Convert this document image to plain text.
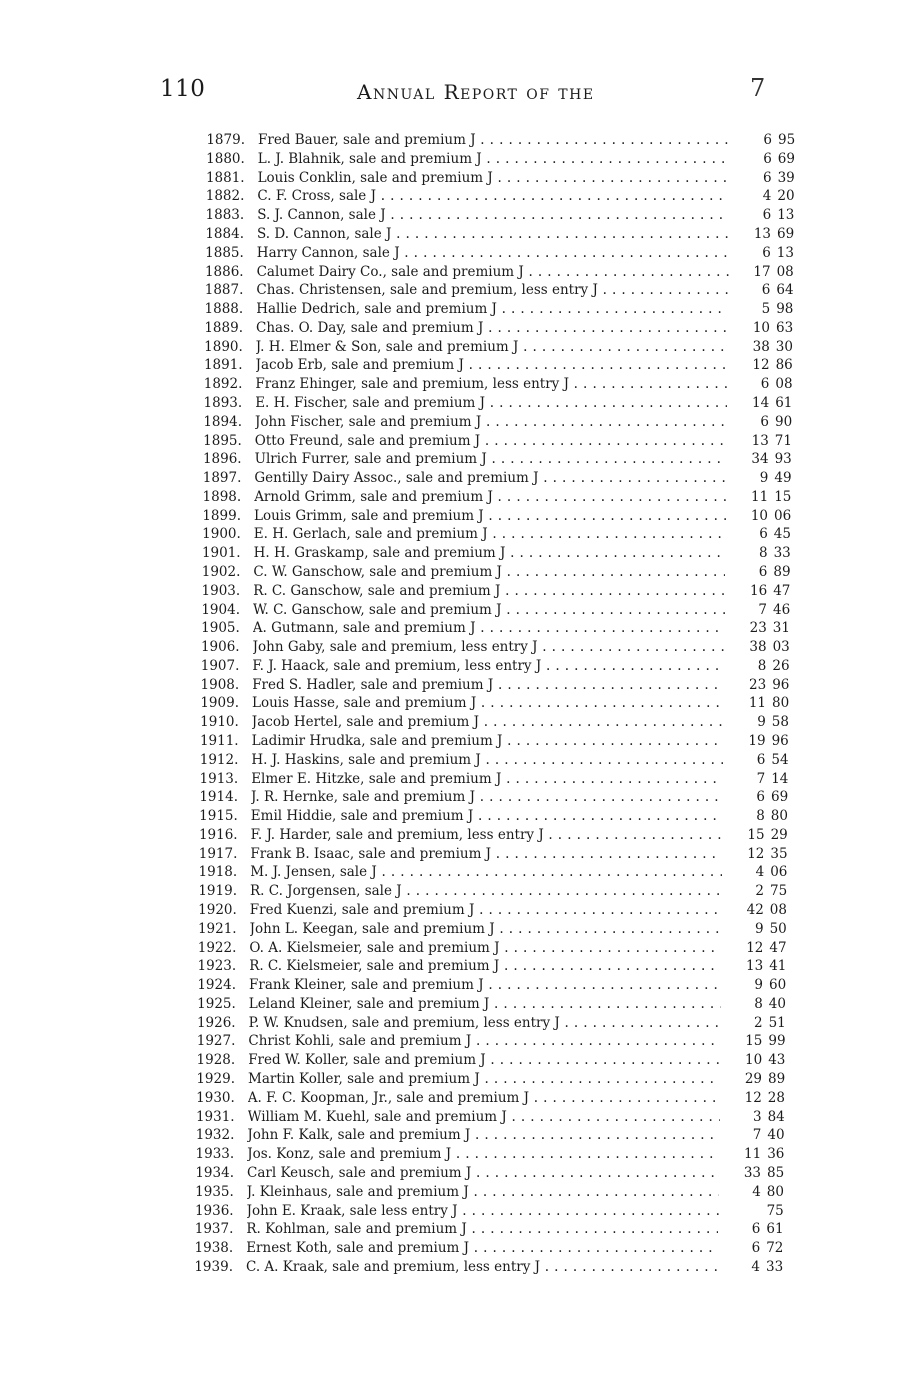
110	Annual Report of the	7
1879. Fred Bauer, sale and premium J . . .	6 95
1880. L. J. Blahnik, sale and premium J . . .	6 69
1881. Louis Conklin, sale and premium J . . .	6 39
1882. C. F. Cross, sale J . . .	4 20
1883. S. J. Cannon, sale J . . .	6 13
1884. S. D. Cannon, sale J . . .	13 69
1885. Harry Cannon, sale J . . .	6 13
1886. Calumet Dairy Co., sale and premium J . . .	17 08
1887. Chas. Christensen, sale and premium, less entry J . . .	6 64
1888. Hallie Dedrich, sale and premium J . . .	5 98
1889. Chas. O. Day, sale and premium J . . .	10 63
1890. J. H. Elmer & Son, sale and premium J . . .	38 30
1891. Jacob Erb, sale and premium J . . .	12 86
1892. Franz Ehinger, sale and premium, less entry J . . .	6 08
1893. E. H. Fischer, sale and premium J . . .	14 61
1894. John Fischer, sale and premium J . . .	6 90
1895. Otto Freund, sale and premium J . . .	13 71
1896. Ulrich Furrer, sale and premium J . . .	34 93
1897. Gentilly Dairy Assoc., sale and premium J . . .	9 49
1898. Arnold Grimm, sale and premium J . . .	11 15
1899. Louis Grimm, sale and premium J . . .	10 06
1900. E. H. Gerlach, sale and premium J . . .	6 45
1901. H. H. Graskamp, sale and premium J . . .	8 33
1902. C. W. Ganschow, sale and premium J . . .	6 89
1903. R. C. Ganschow, sale and premium J . . .	16 47
1904. W. C. Ganschow, sale and premium J . . .	7 46
1905. A. Gutmann, sale and premium J . . .	23 31
1906. John Gaby, sale and premium, less entry J . . .	38 03
1907. F. J. Haack, sale and premium, less entry J . . .	8 26
1908. Fred S. Hadler, sale and premium J . . .	23 96
1909. Louis Hasse, sale and premium J . . .	11 80
1910. Jacob Hertel, sale and premium J . . .	9 58
1911. Ladimir Hrudka, sale and premium J . . .	19 96
1912. H. J. Haskins, sale and premium J . . .	6 54
1913. Elmer E. Hitzke, sale and premium J . . .	7 14
1914. J. R. Hernke, sale and premium J . . .	6 69
1915. Emil Hiddie, sale and premium J . . .	8 80
1916. F. J. Harder, sale and premium, less entry J . . .	15 29
1917. Frank B. Isaac, sale and premium J . . .	12 35
1918. M. J. Jensen, sale J . . .	4 06
1919. R. C. Jorgensen, sale J . . .	2 75
1920. Fred Kuenzi, sale and premium J . . .	42 08
1921. John L. Keegan, sale and premium J . . .	9 50
1922. O. A. Kielsmeier, sale and premium J . . .	12 47
1923. R. C. Kielsmeier, sale and premium J . . .	13 41
1924. Frank Kleiner, sale and premium J . . .	9 60
1925. Leland Kleiner, sale and premium J . . .	8 40
1926. P. W. Knudsen, sale and premium, less entry J . . .	2 51
1927. Christ Kohli, sale and premium J . . .	15 99
1928. Fred W. Koller, sale and premium J . . .	10 43
1929. Martin Koller, sale and premium J . . .	29 89
1930. A. F. C. Koopman, Jr., sale and premium J . . .	12 28
1931. William M. Kuehl, sale and premium J . . .	3 84
1932. John F. Kalk, sale and premium J . . .	7 40
1933. Jos. Konz, sale and premium J . . .	11 36
1934. Carl Keusch, sale and premium J . . .	33 85
1935. J. Kleinhaus, sale and premium J . . .	4 80
1936. John E. Kraak, sale less entry J . . .	75
1937. R. Kohlman, sale and premium J . . .	6 61
1938. Ernest Koth, sale and premium J . . .	6 72
1939. C. A. Kraak, sale and premium, less entry J . . .	4 33
